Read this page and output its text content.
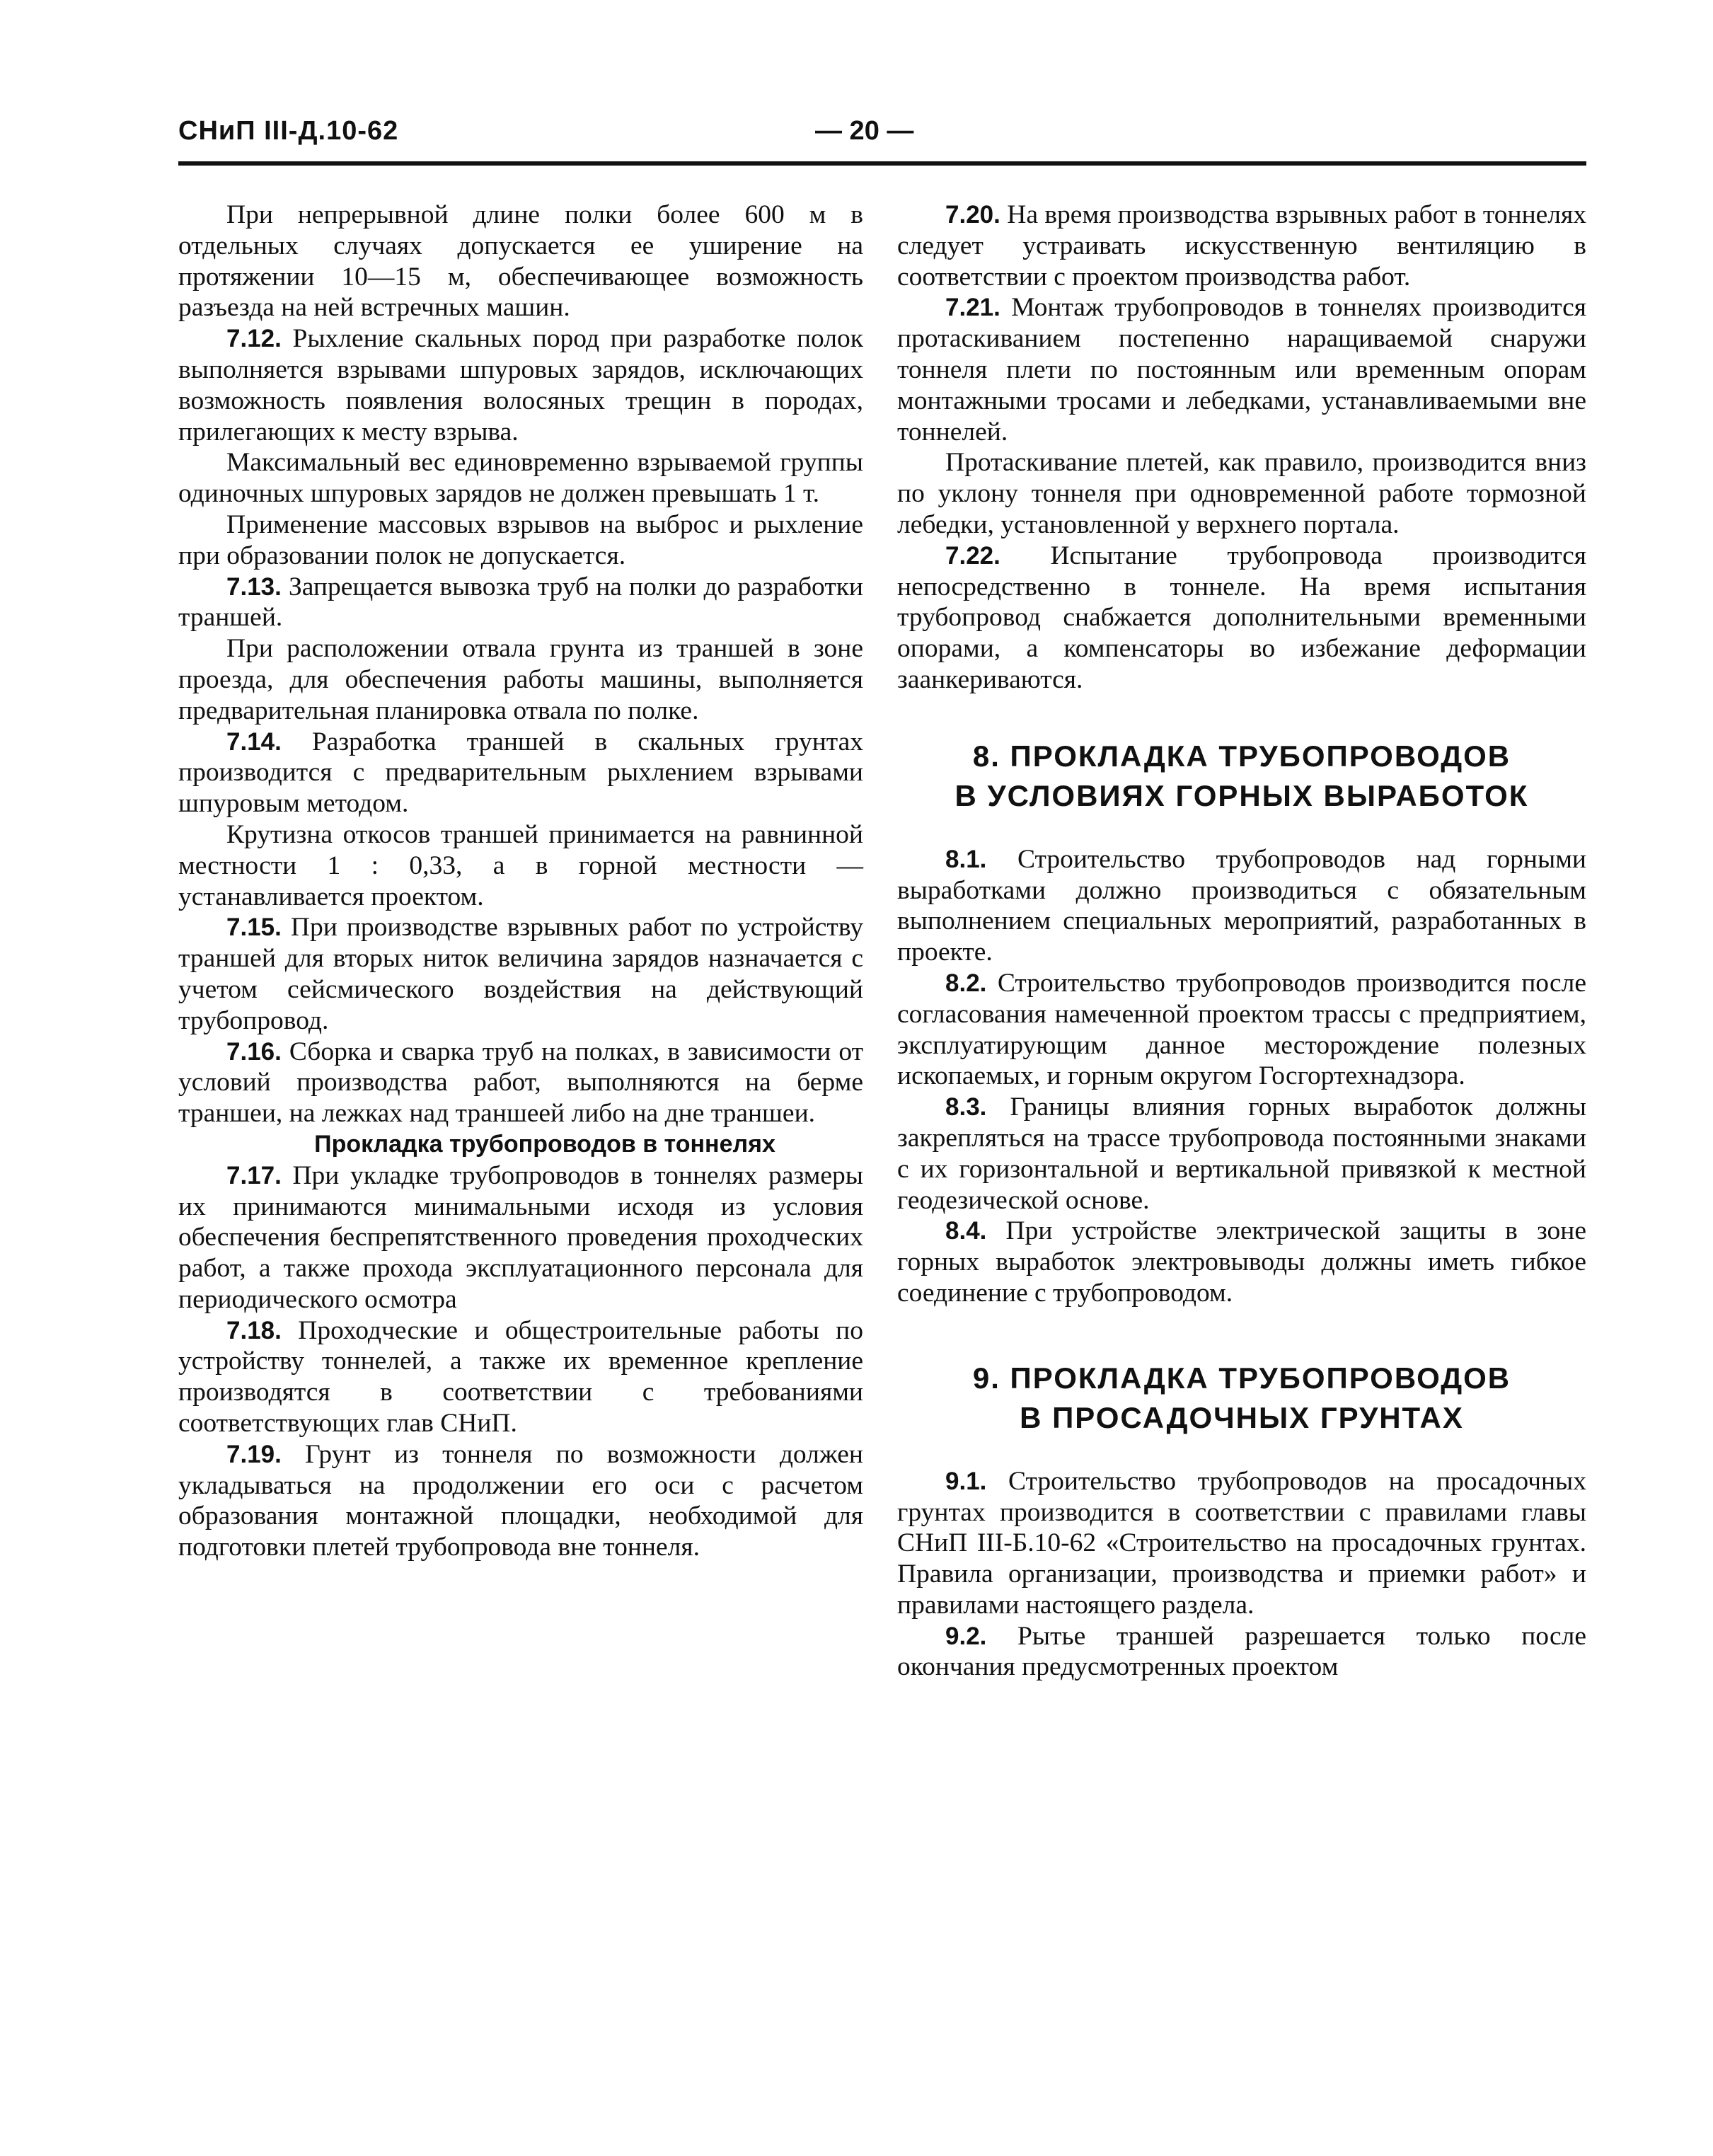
СНиП III-Д.10-62	— 20 —

При непрерывной длине полки более 600 м в отдельных случаях допускается ее уширение на протяжении 10—15 м, обеспечивающее возможность разъезда на ней встречных машин.

7.12. Рыхление скальных пород при разработке полок выполняется взрывами шпуровых зарядов, исключающих возможность появления волосяных трещин в породах, прилегающих к месту взрыва.

Максимальный вес единовременно взрываемой группы одиночных шпуровых зарядов не должен превышать 1 т.

Применение массовых взрывов на выброс и рыхление при образовании полок не допускается.

7.13. Запрещается вывозка труб на полки до разработки траншей.

При расположении отвала грунта из траншей в зоне проезда, для обеспечения работы машины, выполняется предварительная планировка отвала по полке.

7.14. Разработка траншей в скальных грунтах производится с предварительным рыхлением взрывами шпуровым методом.

Крутизна откосов траншей принимается на равнинной местности 1 : 0,33, а в горной местности — устанавливается проектом.

7.15. При производстве взрывных работ по устройству траншей для вторых ниток величина зарядов назначается с учетом сейсмического воздействия на действующий трубопровод.

7.16. Сборка и сварка труб на полках, в зависимости от условий производства работ, выполняются на берме траншеи, на лежках над траншеей либо на дне траншеи.

Прокладка трубопроводов в тоннелях

7.17. При укладке трубопроводов в тоннелях размеры их принимаются минимальными исходя из условия обеспечения беспрепятственного проведения проходческих работ, а также прохода эксплуатационного персонала для периодического осмотра

7.18. Проходческие и общестроительные работы по устройству тоннелей, а также их временное крепление производятся в соответствии с требованиями соответствующих глав СНиП.

7.19. Грунт из тоннеля по возможности должен укладываться на продолжении его оси с расчетом образования монтажной площадки, необходимой для подготовки плетей трубопровода вне тоннеля.

7.20. На время производства взрывных работ в тоннелях следует устраивать искусственную вентиляцию в соответствии с проектом производства работ.

7.21. Монтаж трубопроводов в тоннелях производится протаскиванием постепенно наращиваемой снаружи тоннеля плети по постоянным или временным опорам монтажными тросами и лебедками, устанавливаемыми вне тоннелей.

Протаскивание плетей, как правило, производится вниз по уклону тоннеля при одновременной работе тормозной лебедки, установленной у верхнего портала.

7.22. Испытание трубопровода производится непосредственно в тоннеле. На время испытания трубопровод снабжается дополнительными временными опорами, а компенсаторы во избежание деформации заанкериваются.

8. ПРОКЛАДКА ТРУБОПРОВОДОВ
В УСЛОВИЯХ ГОРНЫХ ВЫРАБОТОК

8.1. Строительство трубопроводов над горными выработками должно производиться с обязательным выполнением специальных мероприятий, разработанных в проекте.

8.2. Строительство трубопроводов производится после согласования намеченной проектом трассы с предприятием, эксплуатирующим данное месторождение полезных ископаемых, и горным округом Госгортехнадзора.

8.3. Границы влияния горных выработок должны закрепляться на трассе трубопровода постоянными знаками с их горизонтальной и вертикальной привязкой к местной геодезической основе.

8.4. При устройстве электрической защиты в зоне горных выработок электровыводы должны иметь гибкое соединение с трубопроводом.

9. ПРОКЛАДКА ТРУБОПРОВОДОВ
В ПРОСАДОЧНЫХ ГРУНТАХ

9.1. Строительство трубопроводов на просадочных грунтах производится в соответствии с правилами главы СНиП III-Б.10-62 «Строительство на просадочных грунтах. Правила организации, производства и приемки работ» и правилами настоящего раздела.

9.2. Рытье траншей разрешается только после окончания предусмотренных проектом
